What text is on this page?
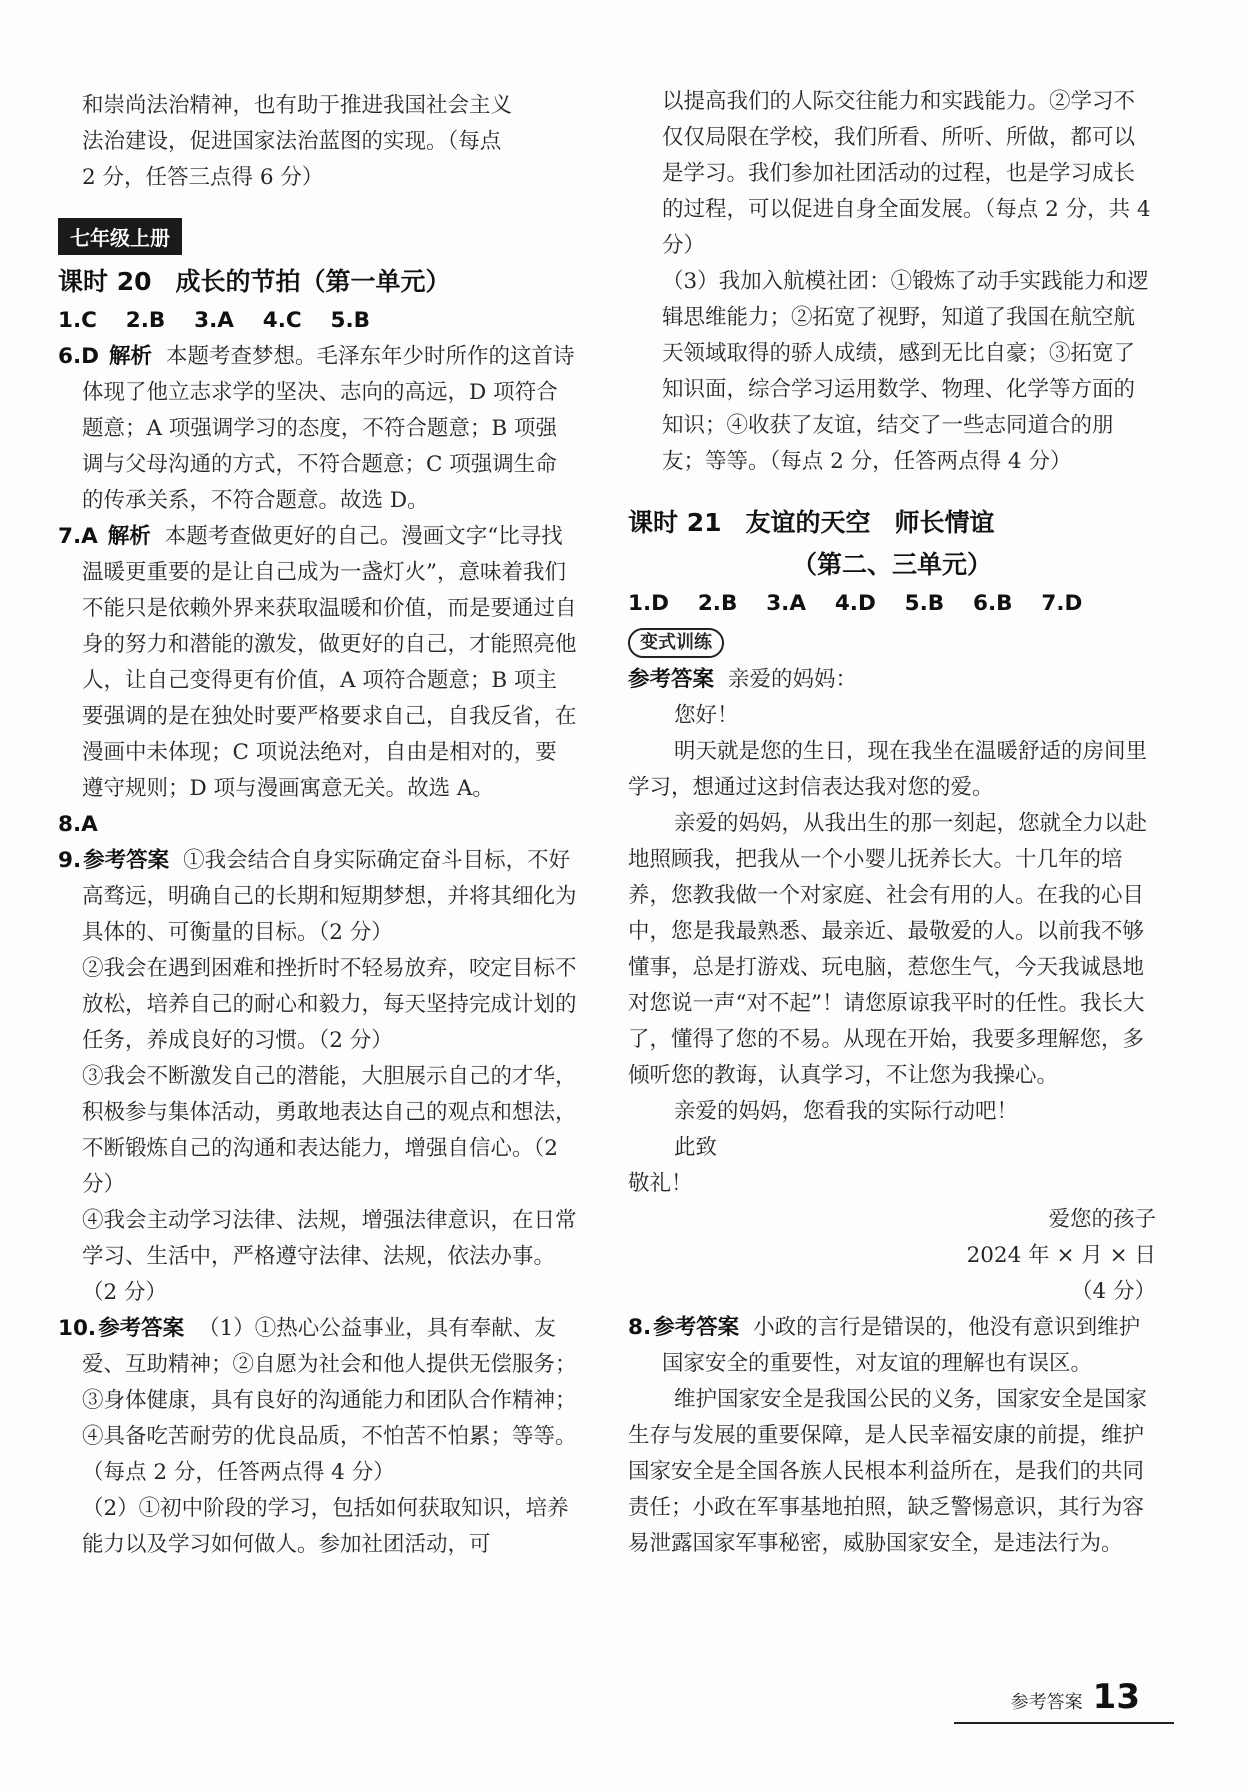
和崇尚法治精神，也有助于推进我国社会主义

法治建设，促进国家法治蓝图的实现。（每点

2 分，任答三点得 6 分）

七年级上册

课时 20 成长的节拍（第一单元）

1.C 2.B 3.A 4.C 5.B

6.D 解析 本题考查梦想。毛泽东年少时所作的这首诗体现了他立志求学的坚决、志向的高远，D 项符合题意；A 项强调学习的态度，不符合题意；B 项强调与父母沟通的方式，不符合题意；C 项强调生命的传承关系，不符合题意。故选 D。

7.A 解析 本题考查做更好的自己。漫画文字“比寻找温暖更重要的是让自己成为一盏灯火”，意味着我们不能只是依赖外界来获取温暖和价值，而是要通过自身的努力和潜能的激发，做更好的自己，才能照亮他人，让自己变得更有价值，A 项符合题意；B 项主要强调的是在独处时要严格要求自己，自我反省，在漫画中未体现；C 项说法绝对，自由是相对的，要遵守规则；D 项与漫画寓意无关。故选 A。

8.A

9.参考答案 ①我会结合自身实际确定奋斗目标，不好高骛远，明确自己的长期和短期梦想，并将其细化为具体的、可衡量的目标。（2 分）

②我会在遇到困难和挫折时不轻易放弃，咬定目标不放松，培养自己的耐心和毅力，每天坚持完成计划的任务，养成良好的习惯。（2 分）

③我会不断激发自己的潜能，大胆展示自己的才华，积极参与集体活动，勇敢地表达自己的观点和想法，不断锻炼自己的沟通和表达能力，增强自信心。（2 分）

④我会主动学习法律、法规，增强法律意识，在日常学习、生活中，严格遵守法律、法规，依法办事。（2 分）

10.参考答案 （1）①热心公益事业，具有奉献、友爱、互助精神；②自愿为社会和他人提供无偿服务；③身体健康，具有良好的沟通能力和团队合作精神；④具备吃苦耐劳的优良品质，不怕苦不怕累；等等。（每点 2 分，任答两点得 4 分）

（2）①初中阶段的学习，包括如何获取知识，培养能力以及学习如何做人。参加社团活动，可

以提高我们的人际交往能力和实践能力。②学习不仅仅局限在学校，我们所看、所听、所做，都可以是学习。我们参加社团活动的过程，也是学习成长的过程，可以促进自身全面发展。（每点 2 分，共 4 分）

（3）我加入航模社团：①锻炼了动手实践能力和逻辑思维能力；②拓宽了视野，知道了我国在航空航天领域取得的骄人成绩，感到无比自豪；③拓宽了知识面，综合学习运用数学、物理、化学等方面的知识；④收获了友谊，结交了一些志同道合的朋友；等等。（每点 2 分，任答两点得 4 分）

课时 21 友谊的天空 师长情谊

（第二、三单元）

1.D 2.B 3.A 4.D 5.B 6.B 7.D

变式训练

参考答案 亲爱的妈妈：

您好！

明天就是您的生日，现在我坐在温暖舒适的房间里学习，想通过这封信表达我对您的爱。

亲爱的妈妈，从我出生的那一刻起，您就全力以赴地照顾我，把我从一个小婴儿抚养长大。十几年的培养，您教我做一个对家庭、社会有用的人。在我的心目中，您是我最熟悉、最亲近、最敬爱的人。以前我不够懂事，总是打游戏、玩电脑，惹您生气，今天我诚恳地对您说一声“对不起”！请您原谅我平时的任性。我长大了，懂得了您的不易。从现在开始，我要多理解您，多倾听您的教诲，认真学习，不让您为我操心。

亲爱的妈妈，您看我的实际行动吧！

此致

敬礼！

爱您的孩子

2024 年 × 月 × 日

（4 分）

8.参考答案 小政的言行是错误的，他没有意识到维护国家安全的重要性，对友谊的理解也有误区。

维护国家安全是我国公民的义务，国家安全是国家生存与发展的重要保障，是人民幸福安康的前提，维护国家安全是全国各族人民根本利益所在，是我们的共同责任；小政在军事基地拍照，缺乏警惕意识，其行为容易泄露国家军事秘密，威胁国家安全，是违法行为。

参考答案 13
